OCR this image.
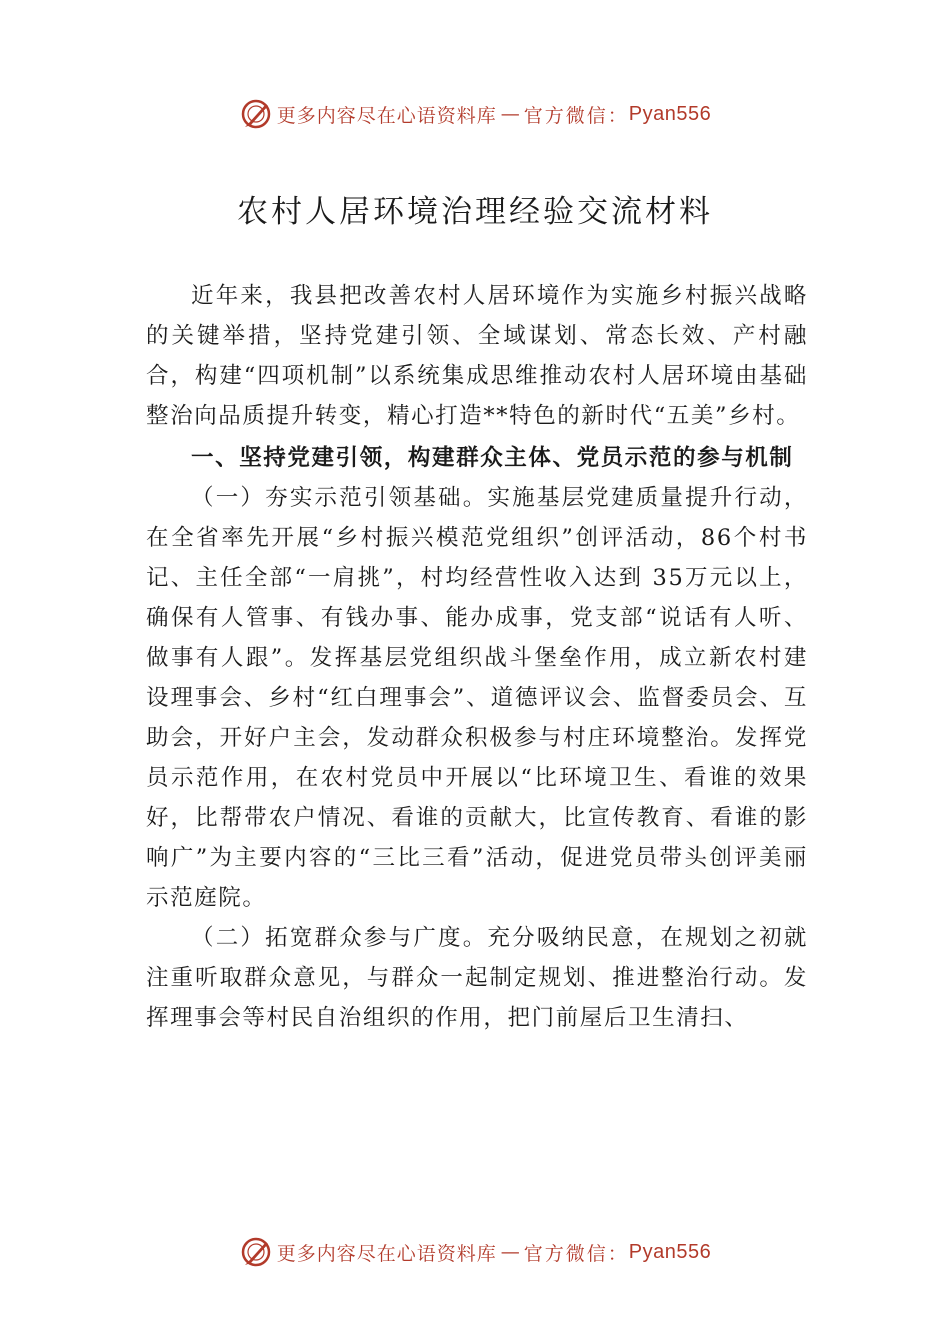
更多内容尽在心语资料库 — 官方微信： Pyan556
农村人居环境治理经验交流材料

近年来，我县把改善农村人居环境作为实施乡村振兴战略的关键举措，坚持党建引领、全域谋划、常态长效、产村融合，构建“四项机制”以系统集成思维推动农村人居环境由基础整治向品质提升转变，精心打造**特色的新时代“五美”乡村。

一、坚持党建引领，构建群众主体、党员示范的参与机制

（一）夯实示范引领基础。实施基层党建质量提升行动，在全省率先开展“乡村振兴模范党组织”创评活动，86个村书记、主任全部“一肩挑”，村均经营性收入达到 35万元以上，确保有人管事、有钱办事、能办成事，党支部“说话有人听、做事有人跟”。发挥基层党组织战斗堡垒作用，成立新农村建设理事会、乡村“红白理事会”、道德评议会、监督委员会、互助会，开好户主会，发动群众积极参与村庄环境整治。发挥党员示范作用，在农村党员中开展以“比环境卫生、看谁的效果好，比帮带农户情况、看谁的贡献大，比宣传教育、看谁的影响广”为主要内容的“三比三看”活动，促进党员带头创评美丽示范庭院。

（二）拓宽群众参与广度。充分吸纳民意，在规划之初就注重听取群众意见，与群众一起制定规划、推进整治行动。发挥理事会等村民自治组织的作用，把门前屋后卫生清扫、

更多内容尽在心语资料库 — 官方微信： Pyan556
